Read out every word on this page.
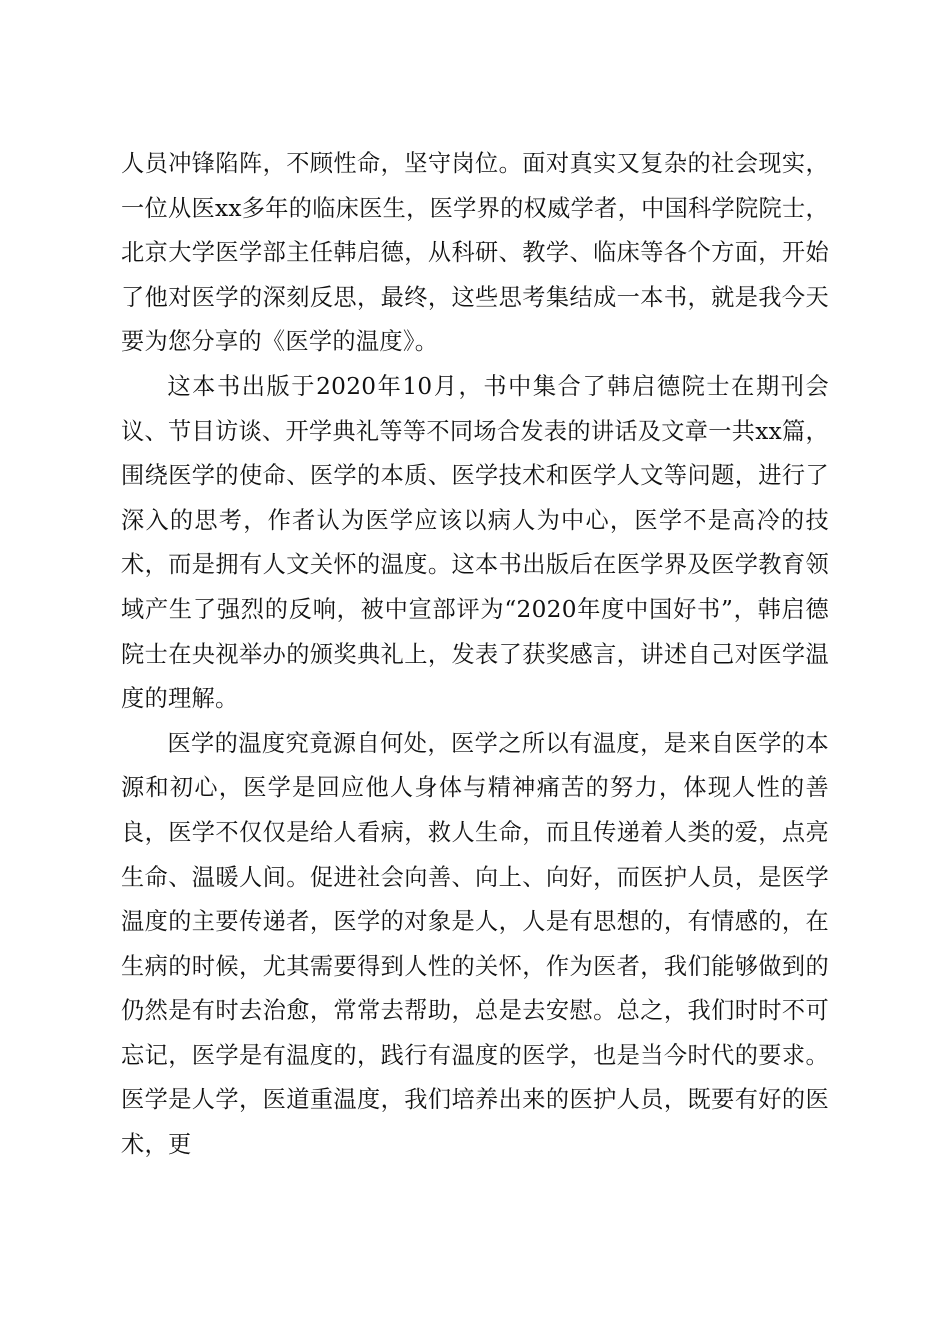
人员冲锋陷阵，不顾性命，坚守岗位。面对真实又复杂的社会现实，一位从医xx多年的临床医生，医学界的权威学者，中国科学院院士，北京大学医学部主任韩启德，从科研、教学、临床等各个方面，开始了他对医学的深刻反思，最终，这些思考集结成一本书，就是我今天要为您分享的《医学的温度》。

这本书出版于2020年10月，书中集合了韩启德院士在期刊会议、节目访谈、开学典礼等等不同场合发表的讲话及文章一共xx篇，围绕医学的使命、医学的本质、医学技术和医学人文等问题，进行了深入的思考，作者认为医学应该以病人为中心，医学不是高冷的技术，而是拥有人文关怀的温度。这本书出版后在医学界及医学教育领域产生了强烈的反响，被中宣部评为“2020年度中国好书”，韩启德院士在央视举办的颁奖典礼上，发表了获奖感言，讲述自己对医学温度的理解。

医学的温度究竟源自何处，医学之所以有温度，是来自医学的本源和初心，医学是回应他人身体与精神痛苦的努力，体现人性的善良，医学不仅仅是给人看病，救人生命，而且传递着人类的爱，点亮生命、温暖人间。促进社会向善、向上、向好，而医护人员，是医学温度的主要传递者，医学的对象是人，人是有思想的，有情感的，在生病的时候，尤其需要得到人性的关怀，作为医者，我们能够做到的仍然是有时去治愈，常常去帮助，总是去安慰。总之，我们时时不可忘记，医学是有温度的，践行有温度的医学，也是当今时代的要求。医学是人学，医道重温度，我们培养出来的医护人员，既要有好的医术，更
